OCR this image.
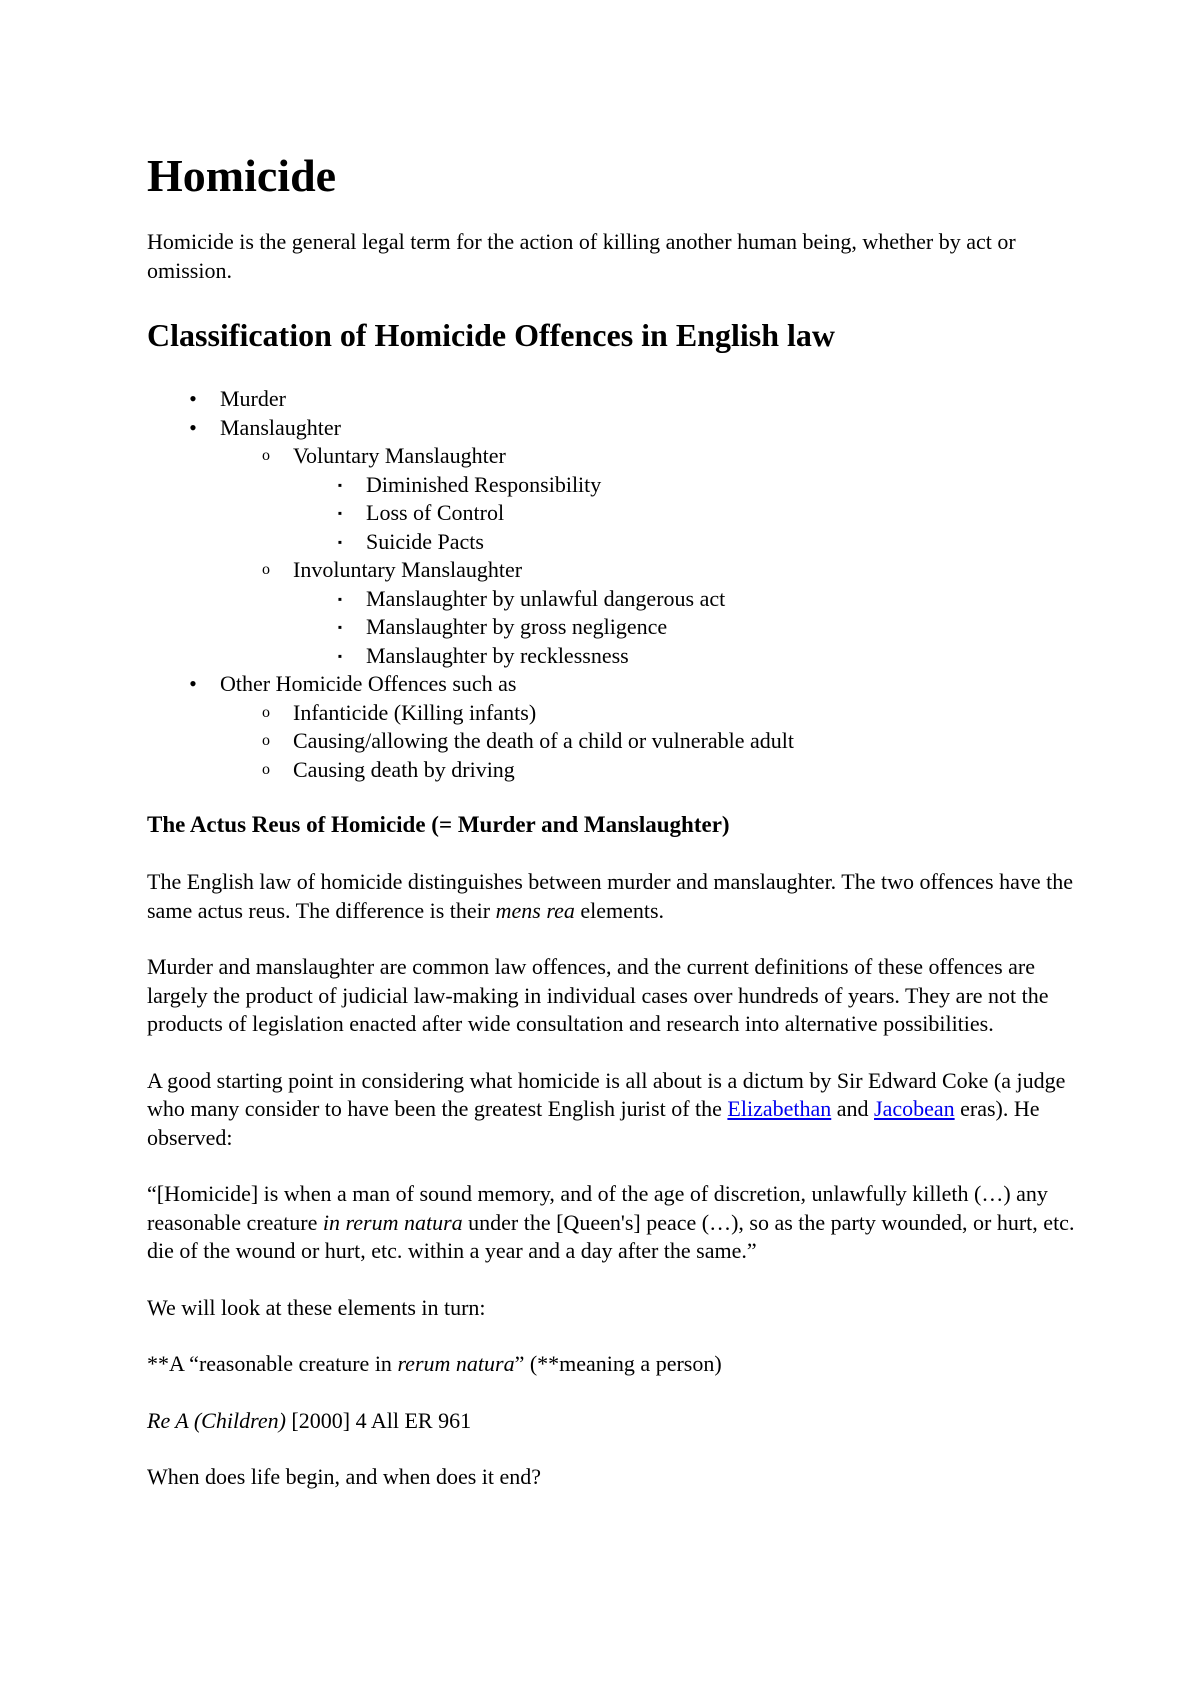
Homicide

Homicide is the general legal term for the action of killing another human being, whether by act or omission.

Classification of Homicide Offences in English law
• Murder
• Manslaughter
o Voluntary Manslaughter
▪	Diminished Responsibility
▪	Loss of Control
▪	Suicide Pacts
o Involuntary Manslaughter
▪	Manslaughter by unlawful dangerous act
▪	Manslaughter by gross negligence
▪	Manslaughter by recklessness
• Other Homicide Offences such as
o Infanticide (Killing infants)
o Causing/allowing the death of a child or vulnerable adult
o Causing death by driving
The Actus Reus of Homicide (= Murder and Manslaughter)

The English law of homicide distinguishes between murder and manslaughter. The two offences have the same actus reus. The difference is their mens rea elements.

Murder and manslaughter are common law offences, and the current definitions of these offences are largely the product of judicial law-making in individual cases over hundreds of years. They are not the products of legislation enacted after wide consultation and research into alternative possibilities.

A good starting point in considering what homicide is all about is a dictum by Sir Edward Coke (a judge who many consider to have been the greatest English jurist of the Elizabethan and Jacobean eras). He observed:

“[Homicide] is when a man of sound memory, and of the age of discretion, unlawfully killeth (…) any reasonable creature in rerum natura under the [Queen's] peace (…), so as the party wounded, or hurt, etc. die of the wound or hurt, etc. within a year and a day after the same.”

We will look at these elements in turn:

**A “reasonable creature in rerum natura” (**meaning a person)

Re A (Children) [2000] 4 All ER 961

When does life begin, and when does it end?
